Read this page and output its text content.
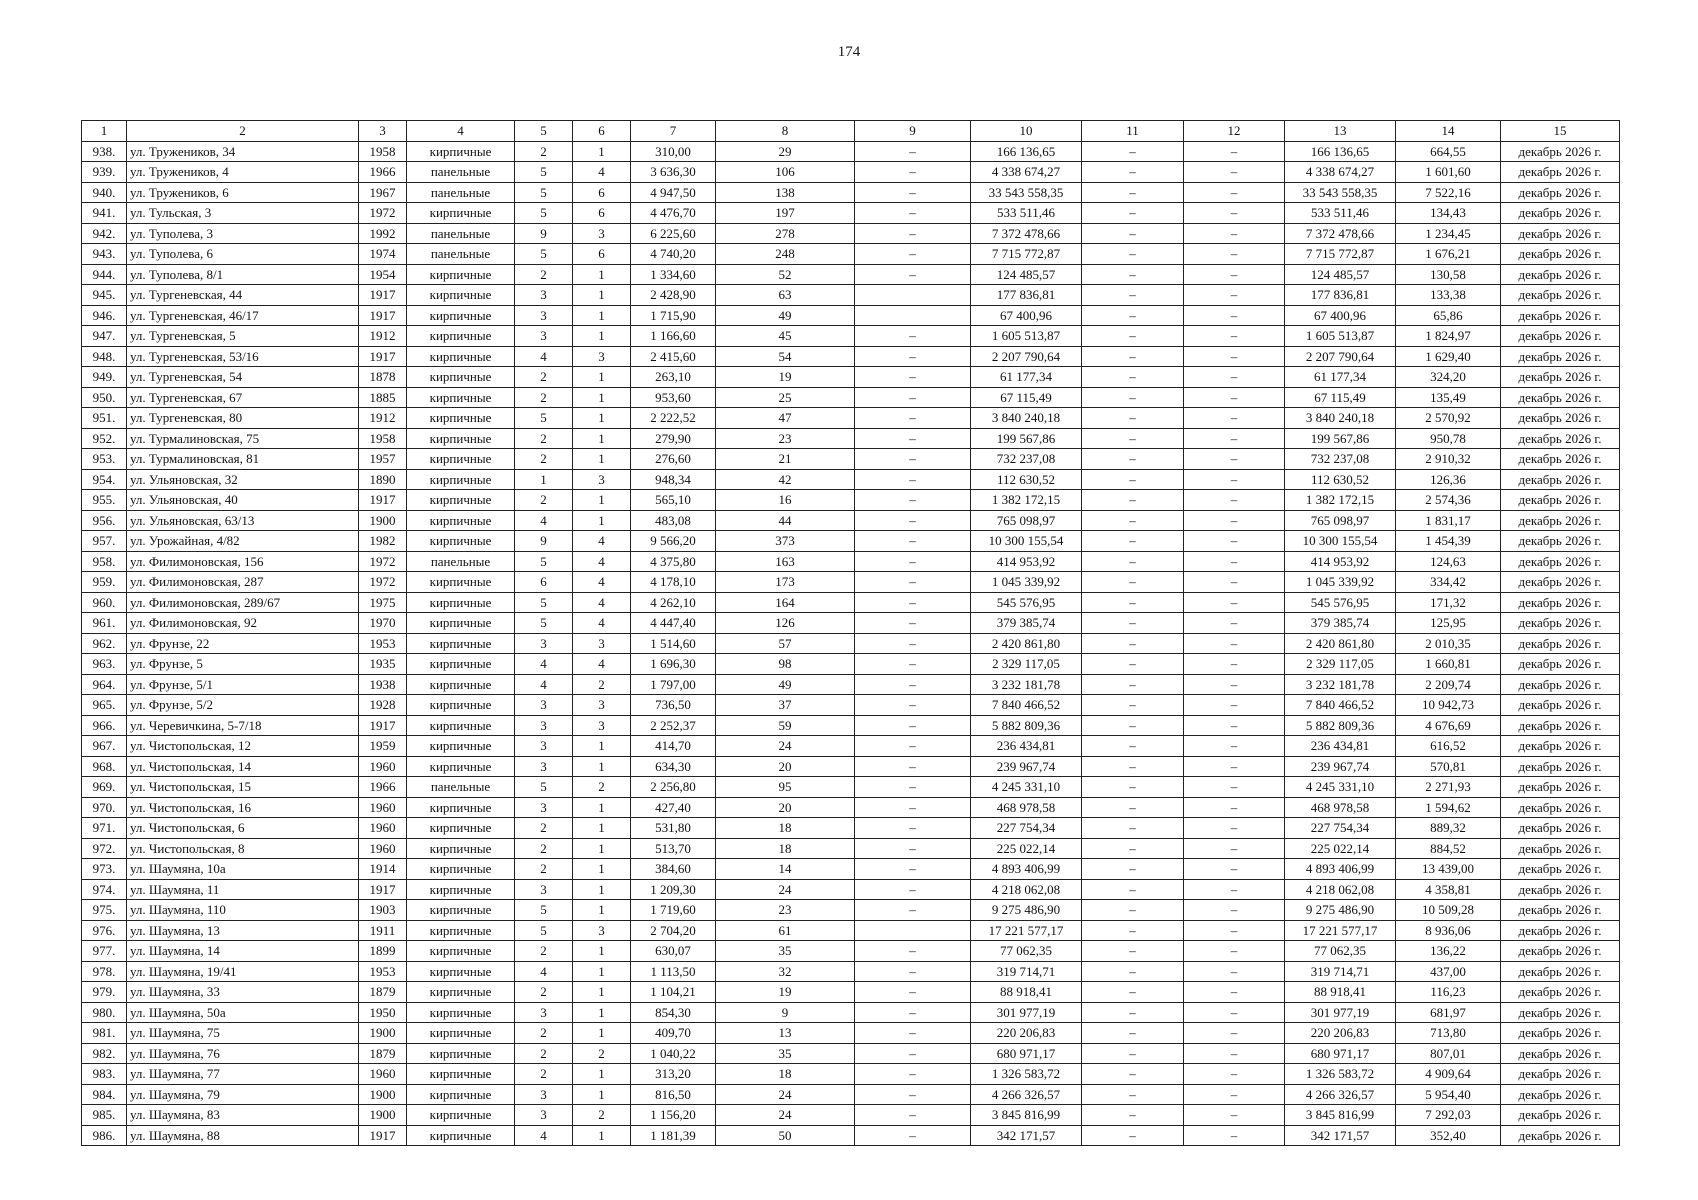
174
1	2	3	4	5	6	7	8	9	10	11	12	13	14	15
938.	ул. Тружеников, 34	1958	кирпичные	2	1	310,00	29	–	166 136,65	–	–	166 136,65	664,55	декабрь 2026 г.
939.	ул. Тружеников, 4	1966	панельные	5	4	3 636,30	106	–	4 338 674,27	–	–	4 338 674,27	1 601,60	декабрь 2026 г.
940.	ул. Тружеников, 6	1967	панельные	5	6	4 947,50	138	–	33 543 558,35	–	–	33 543 558,35	7 522,16	декабрь 2026 г.
941.	ул. Тульская, 3	1972	кирпичные	5	6	4 476,70	197	–	533 511,46	–	–	533 511,46	134,43	декабрь 2026 г.
942.	ул. Туполева, 3	1992	панельные	9	3	6 225,60	278	–	7 372 478,66	–	–	7 372 478,66	1 234,45	декабрь 2026 г.
943.	ул. Туполева, 6	1974	панельные	5	6	4 740,20	248	–	7 715 772,87	–	–	7 715 772,87	1 676,21	декабрь 2026 г.
944.	ул. Туполева, 8/1	1954	кирпичные	2	1	1 334,60	52	–	124 485,57	–	–	124 485,57	130,58	декабрь 2026 г.
945.	ул. Тургеневская, 44	1917	кирпичные	3	1	2 428,90	63		177 836,81	–	–	177 836,81	133,38	декабрь 2026 г.
946.	ул. Тургеневская, 46/17	1917	кирпичные	3	1	1 715,90	49		67 400,96	–	–	67 400,96	65,86	декабрь 2026 г.
947.	ул. Тургеневская, 5	1912	кирпичные	3	1	1 166,60	45	–	1 605 513,87	–	–	1 605 513,87	1 824,97	декабрь 2026 г.
948.	ул. Тургеневская, 53/16	1917	кирпичные	4	3	2 415,60	54	–	2 207 790,64	–	–	2 207 790,64	1 629,40	декабрь 2026 г.
949.	ул. Тургеневская, 54	1878	кирпичные	2	1	263,10	19	–	61 177,34	–	–	61 177,34	324,20	декабрь 2026 г.
950.	ул. Тургеневская, 67	1885	кирпичные	2	1	953,60	25	–	67 115,49	–	–	67 115,49	135,49	декабрь 2026 г.
951.	ул. Тургеневская, 80	1912	кирпичные	5	1	2 222,52	47	–	3 840 240,18	–	–	3 840 240,18	2 570,92	декабрь 2026 г.
952.	ул. Турмалиновская, 75	1958	кирпичные	2	1	279,90	23	–	199 567,86	–	–	199 567,86	950,78	декабрь 2026 г.
953.	ул. Турмалиновская, 81	1957	кирпичные	2	1	276,60	21	–	732 237,08	–	–	732 237,08	2 910,32	декабрь 2026 г.
954.	ул. Ульяновская, 32	1890	кирпичные	1	3	948,34	42	–	112 630,52	–	–	112 630,52	126,36	декабрь 2026 г.
955.	ул. Ульяновская, 40	1917	кирпичные	2	1	565,10	16	–	1 382 172,15	–	–	1 382 172,15	2 574,36	декабрь 2026 г.
956.	ул. Ульяновская, 63/13	1900	кирпичные	4	1	483,08	44	–	765 098,97	–	–	765 098,97	1 831,17	декабрь 2026 г.
957.	ул. Урожайная, 4/82	1982	кирпичные	9	4	9 566,20	373	–	10 300 155,54	–	–	10 300 155,54	1 454,39	декабрь 2026 г.
958.	ул. Филимоновская, 156	1972	панельные	5	4	4 375,80	163	–	414 953,92	–	–	414 953,92	124,63	декабрь 2026 г.
959.	ул. Филимоновская, 287	1972	кирпичные	6	4	4 178,10	173	–	1 045 339,92	–	–	1 045 339,92	334,42	декабрь 2026 г.
960.	ул. Филимоновская, 289/67	1975	кирпичные	5	4	4 262,10	164	–	545 576,95	–	–	545 576,95	171,32	декабрь 2026 г.
961.	ул. Филимоновская, 92	1970	кирпичные	5	4	4 447,40	126	–	379 385,74	–	–	379 385,74	125,95	декабрь 2026 г.
962.	ул. Фрунзе, 22	1953	кирпичные	3	3	1 514,60	57	–	2 420 861,80	–	–	2 420 861,80	2 010,35	декабрь 2026 г.
963.	ул. Фрунзе, 5	1935	кирпичные	4	4	1 696,30	98	–	2 329 117,05	–	–	2 329 117,05	1 660,81	декабрь 2026 г.
964.	ул. Фрунзе, 5/1	1938	кирпичные	4	2	1 797,00	49	–	3 232 181,78	–	–	3 232 181,78	2 209,74	декабрь 2026 г.
965.	ул. Фрунзе, 5/2	1928	кирпичные	3	3	736,50	37	–	7 840 466,52	–	–	7 840 466,52	10 942,73	декабрь 2026 г.
966.	ул. Черевичкина, 5-7/18	1917	кирпичные	3	3	2 252,37	59	–	5 882 809,36	–	–	5 882 809,36	4 676,69	декабрь 2026 г.
967.	ул. Чистопольская, 12	1959	кирпичные	3	1	414,70	24	–	236 434,81	–	–	236 434,81	616,52	декабрь 2026 г.
968.	ул. Чистопольская, 14	1960	кирпичные	3	1	634,30	20	–	239 967,74	–	–	239 967,74	570,81	декабрь 2026 г.
969.	ул. Чистопольская, 15	1966	панельные	5	2	2 256,80	95	–	4 245 331,10	–	–	4 245 331,10	2 271,93	декабрь 2026 г.
970.	ул. Чистопольская, 16	1960	кирпичные	3	1	427,40	20	–	468 978,58	–	–	468 978,58	1 594,62	декабрь 2026 г.
971.	ул. Чистопольская, 6	1960	кирпичные	2	1	531,80	18	–	227 754,34	–	–	227 754,34	889,32	декабрь 2026 г.
972.	ул. Чистопольская, 8	1960	кирпичные	2	1	513,70	18	–	225 022,14	–	–	225 022,14	884,52	декабрь 2026 г.
973.	ул. Шаумяна, 10а	1914	кирпичные	2	1	384,60	14	–	4 893 406,99	–	–	4 893 406,99	13 439,00	декабрь 2026 г.
974.	ул. Шаумяна, 11	1917	кирпичные	3	1	1 209,30	24	–	4 218 062,08	–	–	4 218 062,08	4 358,81	декабрь 2026 г.
975.	ул. Шаумяна, 110	1903	кирпичные	5	1	1 719,60	23	–	9 275 486,90	–	–	9 275 486,90	10 509,28	декабрь 2026 г.
976.	ул. Шаумяна, 13	1911	кирпичные	5	3	2 704,20	61		17 221 577,17	–	–	17 221 577,17	8 936,06	декабрь 2026 г.
977.	ул. Шаумяна, 14	1899	кирпичные	2	1	630,07	35	–	77 062,35	–	–	77 062,35	136,22	декабрь 2026 г.
978.	ул. Шаумяна, 19/41	1953	кирпичные	4	1	1 113,50	32	–	319 714,71	–	–	319 714,71	437,00	декабрь 2026 г.
979.	ул. Шаумяна, 33	1879	кирпичные	2	1	1 104,21	19	–	88 918,41	–	–	88 918,41	116,23	декабрь 2026 г.
980.	ул. Шаумяна, 50а	1950	кирпичные	3	1	854,30	9	–	301 977,19	–	–	301 977,19	681,97	декабрь 2026 г.
981.	ул. Шаумяна, 75	1900	кирпичные	2	1	409,70	13	–	220 206,83	–	–	220 206,83	713,80	декабрь 2026 г.
982.	ул. Шаумяна, 76	1879	кирпичные	2	2	1 040,22	35	–	680 971,17	–	–	680 971,17	807,01	декабрь 2026 г.
983.	ул. Шаумяна, 77	1960	кирпичные	2	1	313,20	18	–	1 326 583,72	–	–	1 326 583,72	4 909,64	декабрь 2026 г.
984.	ул. Шаумяна, 79	1900	кирпичные	3	1	816,50	24	–	4 266 326,57	–	–	4 266 326,57	5 954,40	декабрь 2026 г.
985.	ул. Шаумяна, 83	1900	кирпичные	3	2	1 156,20	24	–	3 845 816,99	–	–	3 845 816,99	7 292,03	декабрь 2026 г.
986.	ул. Шаумяна, 88	1917	кирпичные	4	1	1 181,39	50	–	342 171,57	–	–	342 171,57	352,40	декабрь 2026 г.
